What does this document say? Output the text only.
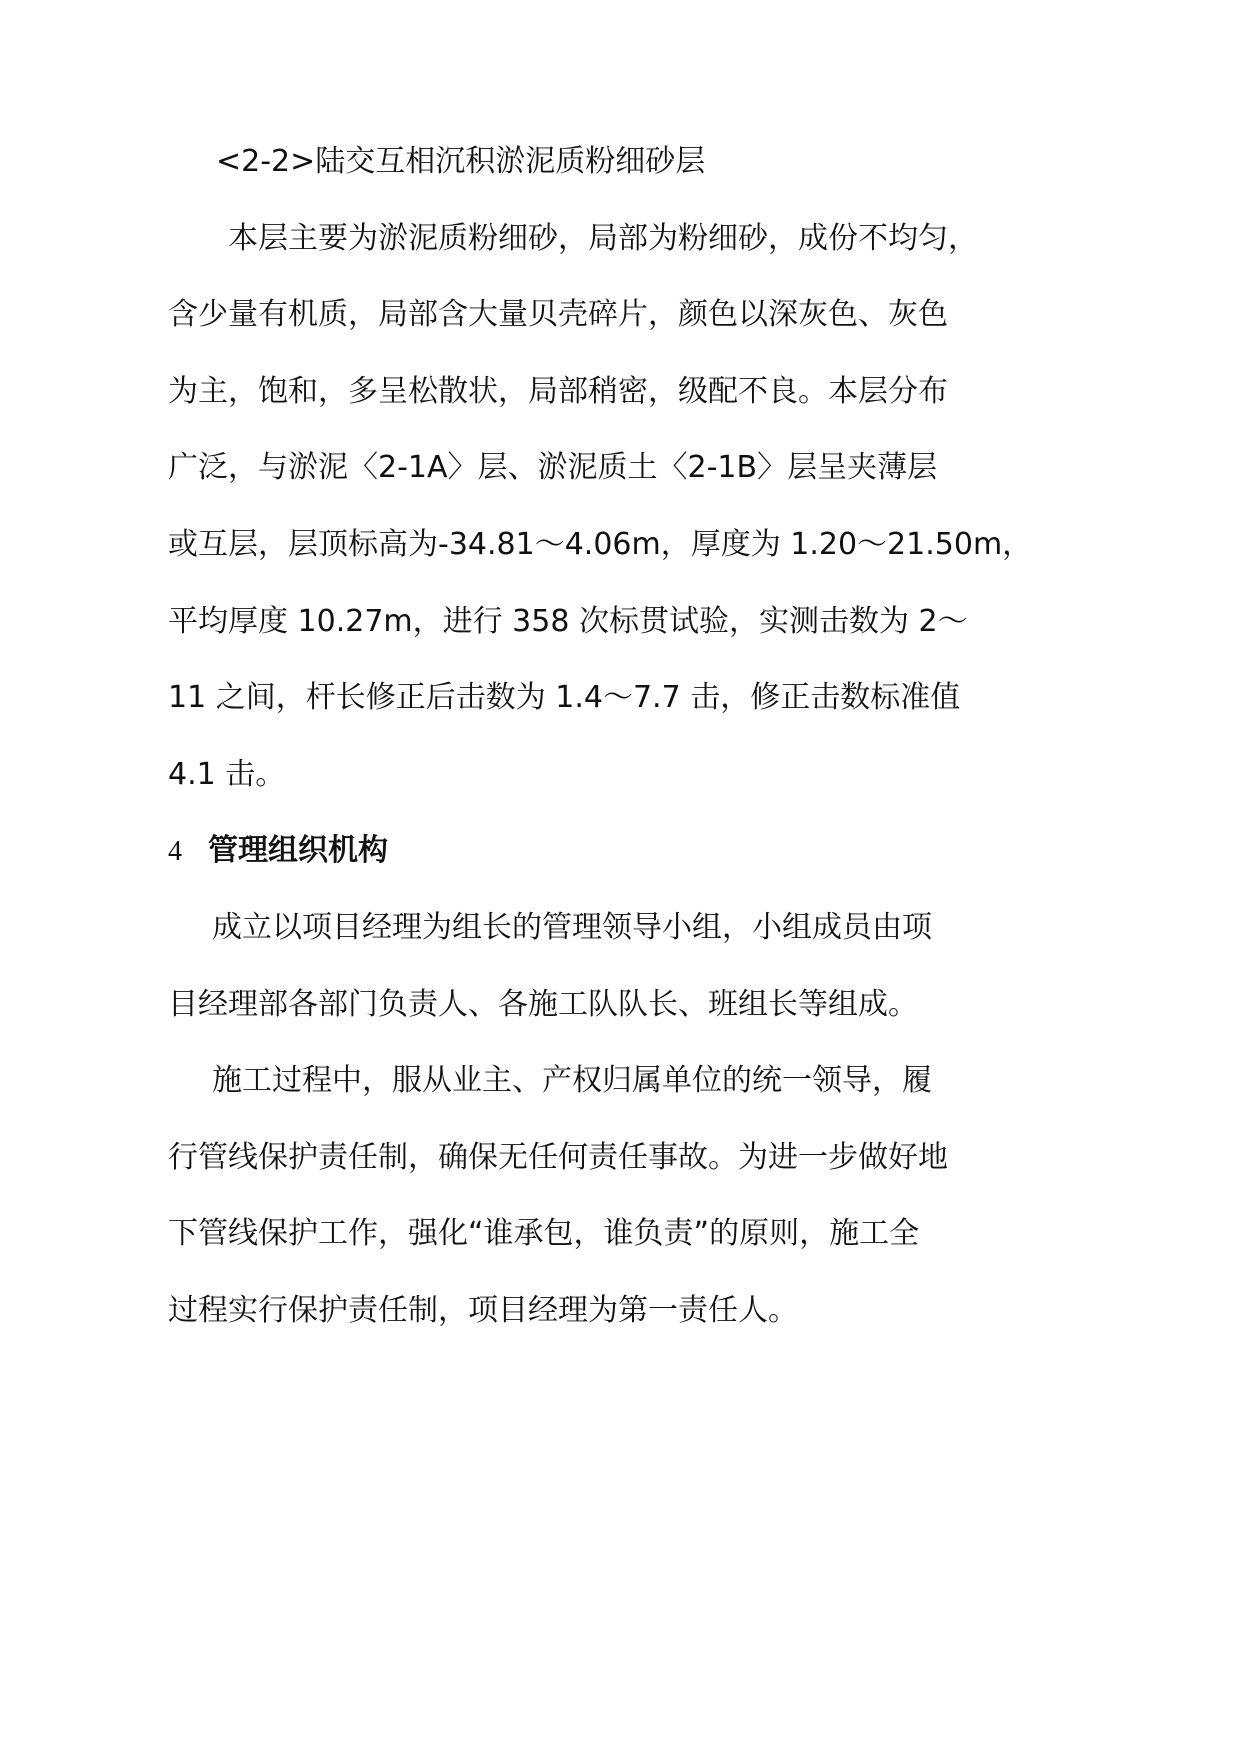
<2-2>陆交互相沉积淤泥质粉细砂层
本层主要为淤泥质粉细砂，局部为粉细砂，成份不均匀，
含少量有机质，局部含大量贝壳碎片，颜色以深灰色、灰色
为主，饱和，多呈松散状，局部稍密，级配不良。本层分布
广泛，与淤泥〈2-1A〉层、淤泥质土〈2-1B〉层呈夹薄层
或互层，层顶标高为-34.81～4.06m，厚度为 1.20～21.50m，
平均厚度 10.27m，进行 358 次标贯试验，实测击数为 2～
11 之间，杆长修正后击数为 1.4～7.7 击，修正击数标准值
4.1 击。
4 管理组织机构
成立以项目经理为组长的管理领导小组，小组成员由项
目经理部各部门负责人、各施工队队长、班组长等组成。
施工过程中，服从业主、产权归属单位的统一领导，履
行管线保护责任制，确保无任何责任事故。为进一步做好地
下管线保护工作，强化“谁承包，谁负责”的原则，施工全
过程实行保护责任制，项目经理为第一责任人。
